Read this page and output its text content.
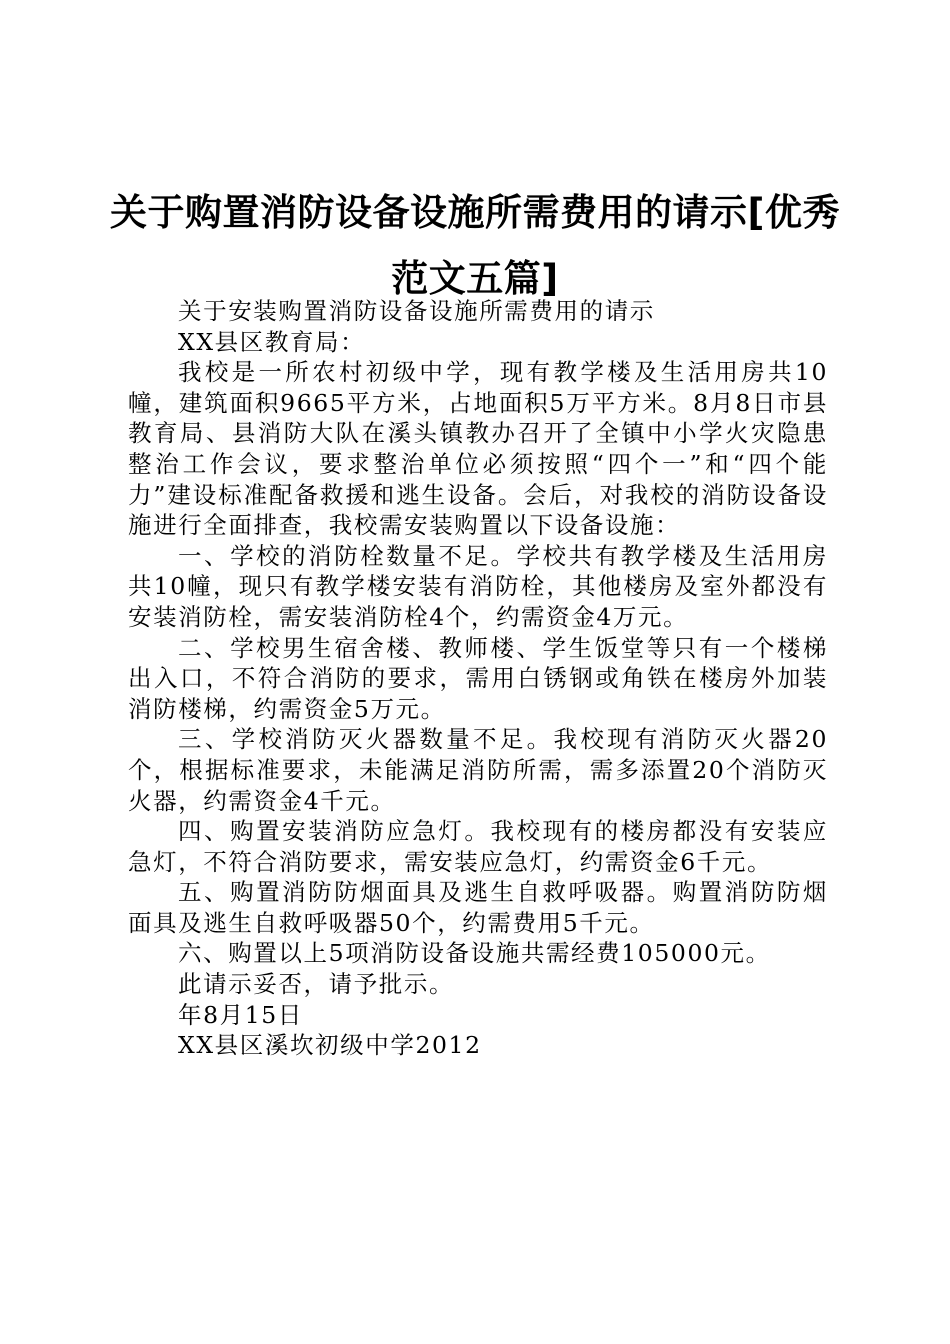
关于购置消防设备设施所需费用的请示[优秀范文五篇]

关于安装购置消防设备设施所需费用的请示

XX县区教育局：

我校是一所农村初级中学，现有教学楼及生活用房共10幢，建筑面积9665平方米，占地面积5万平方米。8月8日市县教育局、县消防大队在溪头镇教办召开了全镇中小学火灾隐患整治工作会议，要求整治单位必须按照“四个一”和“四个能力”建设标准配备救援和逃生设备。会后，对我校的消防设备设施进行全面排查，我校需安装购置以下设备设施：

一、学校的消防栓数量不足。学校共有教学楼及生活用房共10幢，现只有教学楼安装有消防栓，其他楼房及室外都没有安装消防栓，需安装消防栓4个，约需资金4万元。

二、学校男生宿舍楼、教师楼、学生饭堂等只有一个楼梯出入口，不符合消防的要求，需用白锈钢或角铁在楼房外加装消防楼梯，约需资金5万元。

三、学校消防灭火器数量不足。我校现有消防灭火器20个，根据标准要求，未能满足消防所需，需多添置20个消防灭火器，约需资金4千元。

四、购置安装消防应急灯。我校现有的楼房都没有安装应急灯，不符合消防要求，需安装应急灯，约需资金6千元。

五、购置消防防烟面具及逃生自救呼吸器。购置消防防烟面具及逃生自救呼吸器50个，约需费用5千元。

六、购置以上5项消防设备设施共需经费105000元。

此请示妥否，请予批示。

年8月15日

XX县区溪坎初级中学2012
